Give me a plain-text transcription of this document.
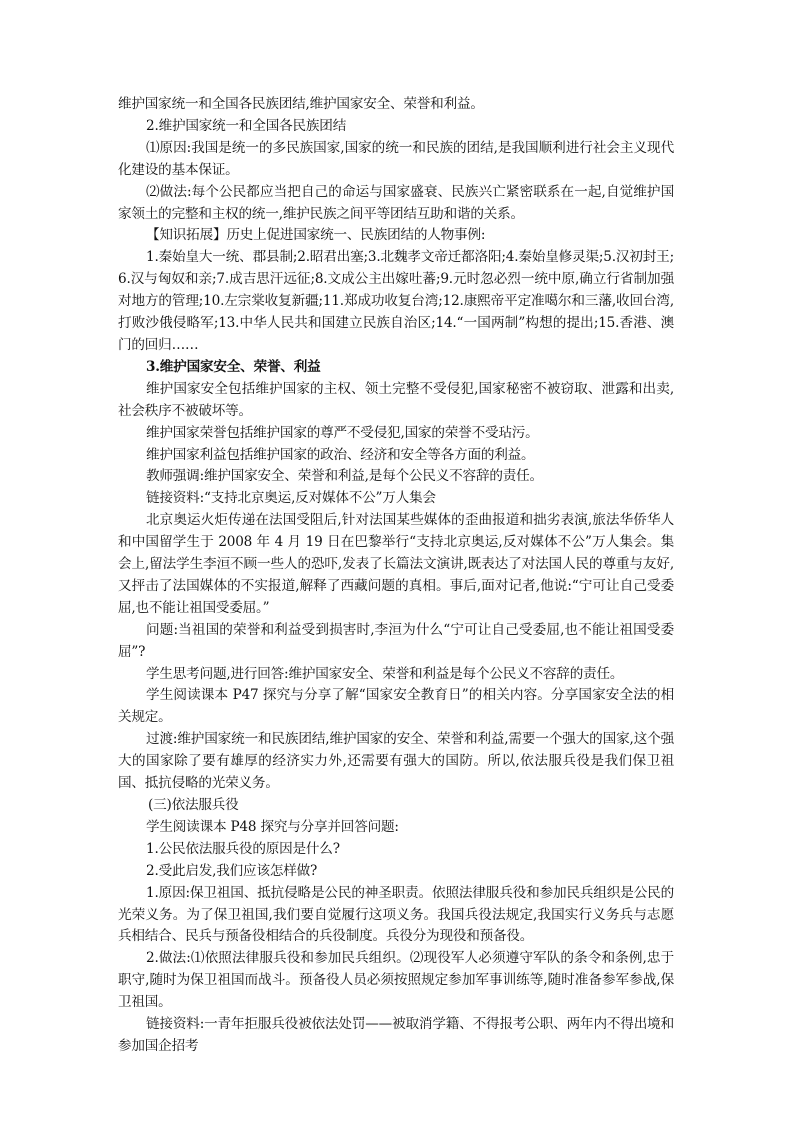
维护国家统一和全国各民族团结,维护国家安全、荣誉和利益。

2.维护国家统一和全国各民族团结

⑴原因:我国是统一的多民族国家,国家的统一和民族的团结,是我国顺利进行社会主义现代化建设的基本保证。

⑵做法:每个公民都应当把自己的命运与国家盛衰、民族兴亡紧密联系在一起,自觉维护国家领土的完整和主权的统一,维护民族之间平等团结互助和谐的关系。

【知识拓展】历史上促进国家统一、民族团结的人物事例:

1.秦始皇大一统、郡县制;2.昭君出塞;3.北魏孝文帝迁都洛阳;4.秦始皇修灵渠;5.汉初封王;6.汉与匈奴和亲;7.成吉思汗远征;8.文成公主出嫁吐蕃;9.元时忽必烈一统中原,确立行省制加强对地方的管理;10.左宗棠收复新疆;11.郑成功收复台湾;12.康熙帝平定准噶尔和三藩,收回台湾,打败沙俄侵略军;13.中华人民共和国建立民族自治区;14.“一国两制”构想的提出;15.香港、澳门的回归……

3.维护国家安全、荣誉、利益

维护国家安全包括维护国家的主权、领土完整不受侵犯,国家秘密不被窃取、泄露和出卖,社会秩序不被破坏等。

维护国家荣誉包括维护国家的尊严不受侵犯,国家的荣誉不受玷污。

维护国家利益包括维护国家的政治、经济和安全等各方面的利益。

教师强调:维护国家安全、荣誉和利益,是每个公民义不容辞的责任。

链接资料:“支持北京奥运,反对媒体不公”万人集会

北京奥运火炬传递在法国受阻后,针对法国某些媒体的歪曲报道和拙劣表演,旅法华侨华人和中国留学生于 2008 年 4 月 19 日在巴黎举行“支持北京奥运,反对媒体不公”万人集会。集会上,留法学生李洹不顾一些人的恐吓,发表了长篇法文演讲,既表达了对法国人民的尊重与友好,又抨击了法国媒体的不实报道,解释了西藏问题的真相。事后,面对记者,他说:“宁可让自己受委屈,也不能让祖国受委屈。”

问题:当祖国的荣誉和利益受到损害时,李洹为什么“宁可让自己受委屈,也不能让祖国受委屈”?

学生思考问题,进行回答:维护国家安全、荣誉和利益是每个公民义不容辞的责任。

学生阅读课本 P47 探究与分享了解“国家安全教育日”的相关内容。分享国家安全法的相关规定。

过渡:维护国家统一和民族团结,维护国家的安全、荣誉和利益,需要一个强大的国家,这个强大的国家除了要有雄厚的经济实力外,还需要有强大的国防。所以,依法服兵役是我们保卫祖国、抵抗侵略的光荣义务。

(三)依法服兵役

学生阅读课本 P48 探究与分享并回答问题:

1.公民依法服兵役的原因是什么?

2.受此启发,我们应该怎样做?

1.原因:保卫祖国、抵抗侵略是公民的神圣职责。依照法律服兵役和参加民兵组织是公民的光荣义务。为了保卫祖国,我们要自觉履行这项义务。我国兵役法规定,我国实行义务兵与志愿兵相结合、民兵与预备役相结合的兵役制度。兵役分为现役和预备役。

2.做法:⑴依照法律服兵役和参加民兵组织。⑵现役军人必须遵守军队的条令和条例,忠于职守,随时为保卫祖国而战斗。预备役人员必须按照规定参加军事训练等,随时准备参军参战,保卫祖国。

链接资料:一青年拒服兵役被依法处罚——被取消学籍、不得报考公职、两年内不得出境和参加国企招考
